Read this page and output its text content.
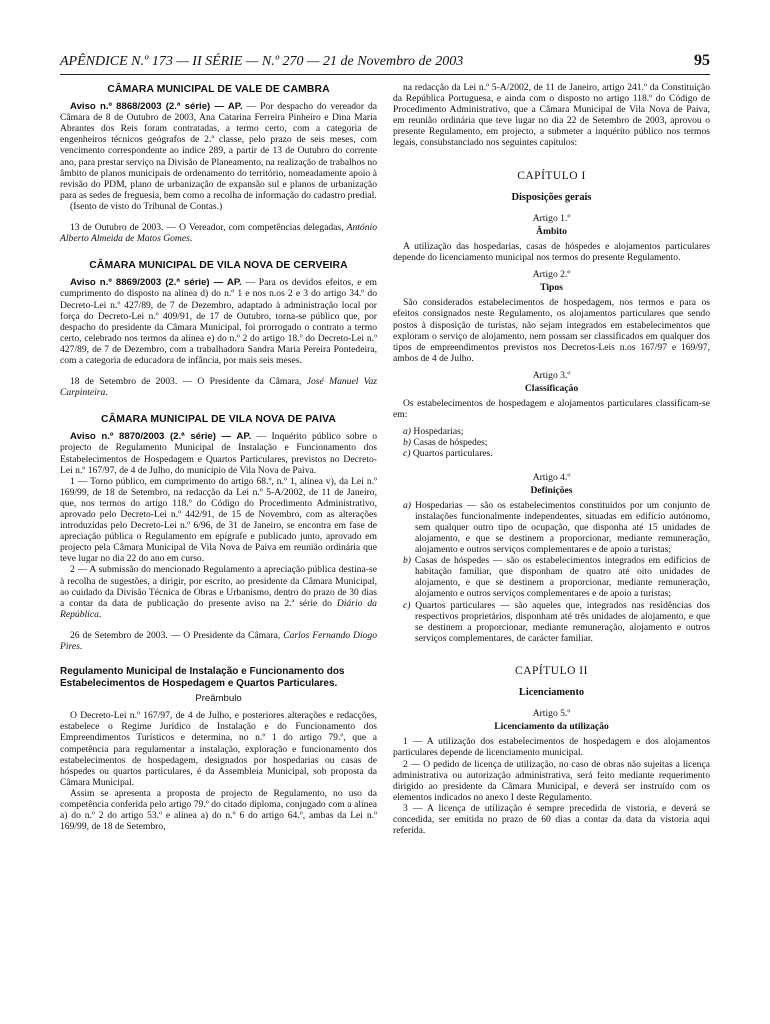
APÊNDICE N.º 173 — II SÉRIE — N.º 270 — 21 de Novembro de 2003	95
CÂMARA MUNICIPAL DE VALE DE CAMBRA

Aviso n.º 8868/2003 (2.ª série) — AP. — Por despacho do vereador da Câmara de 8 de Outubro de 2003, Ana Catarina Ferreira Pinheiro e Dina Maria Abrantes dos Reis foram contratadas, a termo certo, com a categoria de engenheiros técnicos geógrafos de 2.ª classe, pelo prazo de seis meses, com vencimento correspondente ao índice 289, a partir de 13 de Outubro do corrente ano, para prestar serviço na Divisão de Planeamento, na realização de trabalhos no âmbito de planos municipais de ordenamento do território, nomeadamente apoio à revisão do PDM, plano de urbanização de expansão sul e planos de urbanização para as sedes de freguesia, bem como a recolha de informação do cadastro predial.

(Isento de visto do Tribunal de Contas.)

13 de Outubro de 2003. — O Vereador, com competências delegadas, António Alberto Almeida de Matos Gomes.

CÂMARA MUNICIPAL DE VILA NOVA DE CERVEIRA

Aviso n.º 8869/2003 (2.ª série) — AP. — Para os devidos efeitos, e em cumprimento do disposto na alínea d) do n.º 1 e nos n.os 2 e 3 do artigo 34.º do Decreto-Lei n.º 427/89, de 7 de Dezembro, adaptado à administração local por força do Decreto-Lei n.º 409/91, de 17 de Outubro, torna-se público que, por despacho do presidente da Câmara Municipal, foi prorrogado o contrato a termo certo, celebrado nos termos da alínea e) do n.º 2 do artigo 18.º do Decreto-Lei n.º 427/89, de 7 de Dezembro, com a trabalhadora Sandra Maria Pereira Pontedeira, com a categoria de educadora de infância, por mais seis meses.

18 de Setembro de 2003. — O Presidente da Câmara, José Manuel Vaz Carpinteira.

CÂMARA MUNICIPAL DE VILA NOVA DE PAIVA

Aviso n.º 8870/2003 (2.ª série) — AP. — Inquérito público sobre o projecto de Regulamento Municipal de Instalação e Funcionamento dos Estabelecimentos de Hospedagem e Quartos Particulares, previstos no Decreto-Lei n.º 167/97, de 4 de Julho, do município de Vila Nova de Paiva.

1 — Torno público, em cumprimento do artigo 68.º, n.º 1, alínea v), da Lei n.º 169/99, de 18 de Setembro, na redacção da Lei n.º 5-A/2002, de 11 de Janeiro, que, nos termos do artigo 118.º do Código do Procedimento Administrativo, aprovado pelo Decreto-Lei n.º 442/91, de 15 de Novembro, com as alterações introduzidas pelo Decreto-Lei n.º 6/96, de 31 de Janeiro, se encontra em fase de apreciação pública o Regulamento em epígrafe e publicado junto, aprovado em projecto pela Câmara Municipal de Vila Nova de Paiva em reunião ordinária que teve lugar no dia 22 do ano em curso.

2 — A submissão do mencionado Regulamento a apreciação pública destina-se à recolha de sugestões, a dirigir, por escrito, ao presidente da Câmara Municipal, ao cuidado da Divisão Técnica de Obras e Urbanismo, dentro do prazo de 30 dias a contar da data de publicação do presente aviso na 2.ª série do Diário da República.

26 de Setembro de 2003. — O Presidente da Câmara, Carlos Fernando Diogo Pires.

Regulamento Municipal de Instalação e Funcionamento dos Estabelecimentos de Hospedagem e Quartos Particulares.
Preâmbulo

O Decreto-Lei n.º 167/97, de 4 de Julho, e posteriores alterações e redacções, estabelece o Regime Jurídico de Instalação e do Funcionamento dos Empreendimentos Turísticos e determina, no n.º 1 do artigo 79.º, que a competência para regulamentar a instalação, exploração e funcionamento dos estabelecimentos de hospedagem, designados por hospedarias ou casas de hóspedes ou quartos particulares, é da Assembleia Municipal, sob proposta da Câmara Municipal.

Assim se apresenta a proposta de projecto de Regulamento, no uso da competência conferida pelo artigo 79.º do citado diploma, conjugado com a alínea a) do n.º 2 do artigo 53.º e alínea a) do n.º 6 do artigo 64.º, ambas da Lei n.º 169/99, de 18 de Setembro,

na redacção da Lei n.º 5-A/2002, de 11 de Janeiro, artigo 241.º da Constituição da República Portuguesa, e ainda com o disposto no artigo 118.º do Código de Procedimento Administrativo, que a Câmara Municipal de Vila Nova de Paiva, em reunião ordinária que teve lugar no dia 22 de Setembro de 2003, aprovou o presente Regulamento, em projecto, a submeter a inquérito público nos termos legais, consubstanciado nos seguintes capítulos:

CAPÍTULO I
Disposições gerais
Artigo 1.º
Âmbito

A utilização das hospedarias, casas de hóspedes e alojamentos particulares depende do licenciamento municipal nos termos do presente Regulamento.

Artigo 2.º
Tipos

São considerados estabelecimentos de hospedagem, nos termos e para os efeitos consignados neste Regulamento, os alojamentos particulares que sendo postos à disposição de turistas, não sejam integrados em estabelecimentos que exploram o serviço de alojamento, nem possam ser classificados em qualquer dos tipos de empreendimentos previstos nos Decretos-Leis n.os 167/97 e 169/97, ambos de 4 de Julho.

Artigo 3.º
Classificação

Os estabelecimentos de hospedagem e alojamentos particulares classificam-se em:

a) Hospedarias;

b) Casas de hóspedes;

c) Quartos particulares.

Artigo 4.º
Definições

a) Hospedarias — são os estabelecimentos constituídos por um conjunto de instalações funcionalmente independentes, situadas em edifício autónomo, sem qualquer outro tipo de ocupação, que disponha até 15 unidades de alojamento, e que se destinem a proporcionar, mediante remuneração, alojamento e outros serviços complementares e de apoio a turistas;

b) Casas de hóspedes — são os estabelecimentos integrados em edifícios de habitação familiar, que disponham de quatro até oito unidades de alojamento, e que se destinem a proporcionar, mediante remuneração, alojamento e outros serviços complementares e de apoio a turistas;

c) Quartos particulares — são aqueles que, integrados nas residências dos respectivos proprietários, disponham até três unidades de alojamento, e que se destinem a proporcionar, mediante remuneração, alojamento e outros serviços complementares, de carácter familiar.

CAPÍTULO II
Licenciamento
Artigo 5.º
Licenciamento da utilização

1 — A utilização dos estabelecimentos de hospedagem e dos alojamentos particulares depende de licenciamento municipal.

2 — O pedido de licença de utilização, no caso de obras não sujeitas a licença administrativa ou autorização administrativa, será feito mediante requerimento dirigido ao presidente da Câmara Municipal, e deverá ser instruído com os elementos indicados no anexo I deste Regulamento.

3 — A licença de utilização é sempre precedida de vistoria, e deverá se concedida, ser emitida no prazo de 60 dias a contar da data da vistoria aqui referida.
